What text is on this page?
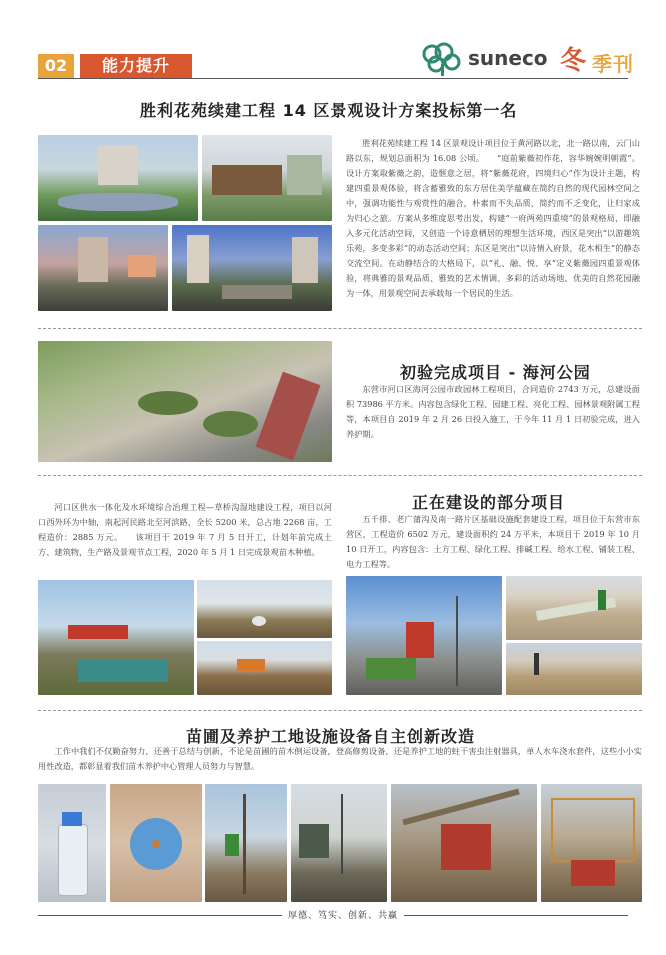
02	能力提升	suneco 冬 季刊
胜利花苑续建工程 14 区景观设计方案投标第一名
胜利花苑续建工程 14 区景观设计项目位于黄河路以北，北一路以南，云门山路以东，规划总面积为 16.08 公顷。　　“庭前紫薇初作花，容华婉婉明朝霞”。设计方案取紫薇之韵，造惬意之居，将“紫薇花府，四境归心”作为设计主题，构建四重景观体验，将含蓄雅致的东方居住美学蕴藏在简约自然的现代园林空间之中，强调功能性与观赏性的融合，朴素而不失品质，简约而不乏变化，让归家成为归心之旅。方案从多维度思考出发，构建“一府两苑四重境”的景观格局，即融入多元化活动空间，又创造一个诗意栖居的理想生活环境，西区是突出“以游趣筑乐苑，多变多彩”的动态活动空间；东区是突出“以诗情入府景，花木相生”的静态交流空间。在动静结合的大格局下，以“礼、融、悦、享”定义紫薇园四重景观体验，将典雅的景观品质、雅致的艺术情调、多彩的活动场地、优美的自然花园融为一体，用景观空间去承载每一个居民的生活。
初验完成项目 - 海河公园
东营市河口区海河公园市政园林工程项目，合同造价 2743 万元，总建设面积 73986 平方米。内容包含绿化工程、园建工程、亮化工程、园林景观附属工程等，本项目自 2019 年 2 月 26 日投入施工，于今年 11 月 1 日初验完成，进入养护期。
正在建设的部分项目
河口区供水一体化及水环境综合治理工程—草桥沟湿地建设工程，项目以河口西外环为中轴，南起河民路北至河滨路，全长 5200 米，总占地 2268 亩，工程造价：2885 万元。　　该项目于 2019 年 7 月 5 日开工，计划年前完成土方、建筑物，生产路及景观节点工程，2020 年 5 月 1 日完成景观苗木种植。
五千排、老广蒲沟及南一路片区基础设施配套建设工程，项目位于东营市东营区，工程造价 6502 万元，建设面积约 24 万平米，本项目于 2019 年 10 月 10 日开工，内容包含：土方工程、绿化工程、排碱工程、给水工程、铺装工程、电力工程等。
苗圃及养护工地设施设备自主创新改造
工作中我们不仅勤奋努力，还善于总结与创新，不论是苗圃的苗木倒运设备，登高修剪设备，还是养护工地的蛀干害虫注射器具，单人水车浇水套件，这些小小实用性改造，都彰显着我们苗木养护中心管理人员努力与智慧。
厚德、笃实、创新、共赢
